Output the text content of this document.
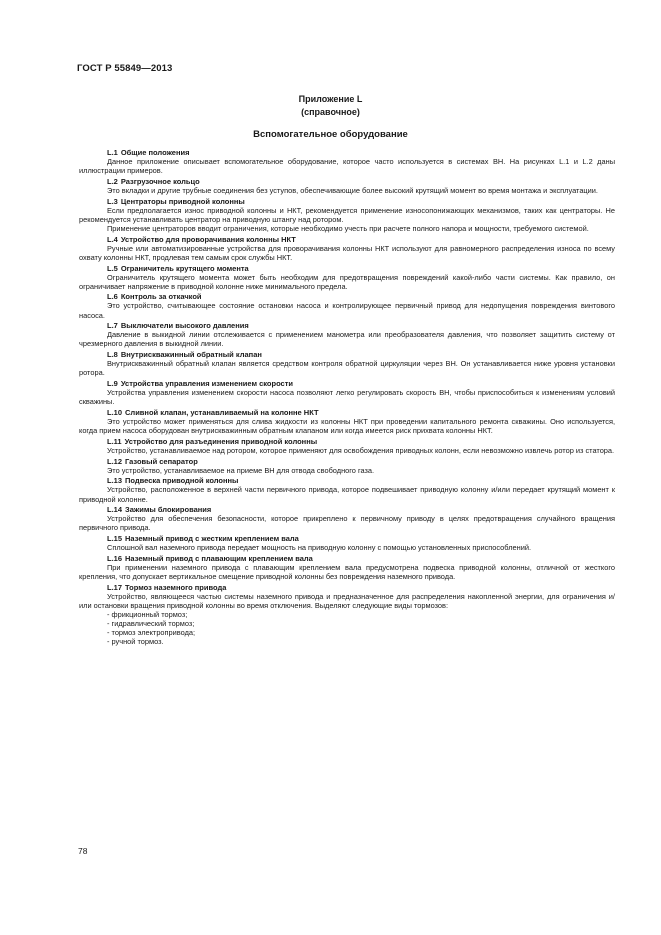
ГОСТ Р 55849—2013
Приложение L
(справочное)
Вспомогательное оборудование
L.1 Общие положения

Данное приложение описывает вспомогательное оборудование, которое часто используется в системах ВН. На рисунках L.1 и L.2 даны иллюстрации примеров.

L.2 Разгрузочное кольцо

Это вкладки и другие трубные соединения без уступов, обеспечивающие более высокий крутящий момент во время монтажа и эксплуатации.

L.3 Центраторы приводной колонны

Если предполагается износ приводной колонны и НКТ, рекомендуется применение износопонижающих механизмов, таких как центраторы. Не рекомендуется устанавливать центратор на приводную штангу над ротором.

Применение центраторов вводит ограничения, которые необходимо учесть при расчете полного напора и мощности, требуемого системой.

L.4 Устройство для проворачивания колонны НКТ

Ручные или автоматизированные устройства для проворачивания колонны НКТ используют для равномерного распределения износа по всему охвату колонны НКТ, продлевая тем самым срок службы НКТ.

L.5 Ограничитель крутящего момента

Ограничитель крутящего момента может быть необходим для предотвращения повреждений какой-либо части системы. Как правило, он ограничивает напряжение в приводной колонне ниже минимального предела.

L.6 Контроль за откачкой

Это устройство, считывающее состояние остановки насоса и контролирующее первичный привод для недопущения повреждения винтового насоса.

L.7 Выключатели высокого давления

Давление в выкидной линии отслеживается с применением манометра или преобразователя давления, что позволяет защитить систему от чрезмерного давления в выкидной линии.

L.8 Внутрискважинный обратный клапан

Внутрискважинный обратный клапан является средством контроля обратной циркуляции через ВН. Он устанавливается ниже уровня установки ротора.

L.9 Устройства управления изменением скорости

Устройства управления изменением скорости насоса позволяют легко регулировать скорость ВН, чтобы приспособиться к изменениям условий скважины.

L.10 Сливной клапан, устанавливаемый на колонне НКТ

Это устройство может применяться для слива жидкости из колонны НКТ при проведении капитального ремонта скважины. Оно используется, когда прием насоса оборудован внутрискважинным обратным клапаном или когда имеется риск прихвата колонны НКТ.

L.11 Устройство для разъединения приводной колонны

Устройство, устанавливаемое над ротором, которое применяют для освобождения приводных колонн, если невозможно извлечь ротор из статора.

L.12 Газовый сепаратор

Это устройство, устанавливаемое на приеме ВН для отвода свободного газа.

L.13 Подвеска приводной колонны

Устройство, расположенное в верхней части первичного привода, которое подвешивает приводную колонну и/или передает крутящий момент к приводной колонне.

L.14 Зажимы блокирования

Устройство для обеспечения безопасности, которое прикреплено к первичному приводу в целях предотвращения случайного вращения первичного привода.

L.15 Наземный привод с жестким креплением вала

Сплошной вал наземного привода передает мощность на приводную колонну с помощью установленных приспособлений.

L.16 Наземный привод с плавающим креплением вала

При применении наземного привода с плавающим креплением вала предусмотрена подвеска приводной колонны, отличной от жесткого крепления, что допускает вертикальное смещение приводной колонны без повреждения наземного привода.

L.17 Тормоз наземного привода

Устройство, являющееся частью системы наземного привода и предназначенное для распределения накопленной энергии, для ограничения и/или остановки вращения приводной колонны во время отключения. Выделяют следующие виды тормозов:

- фрикционный тормоз;
- гидравлический тормоз;
- тормоз электропривода;
- ручной тормоз.
78
